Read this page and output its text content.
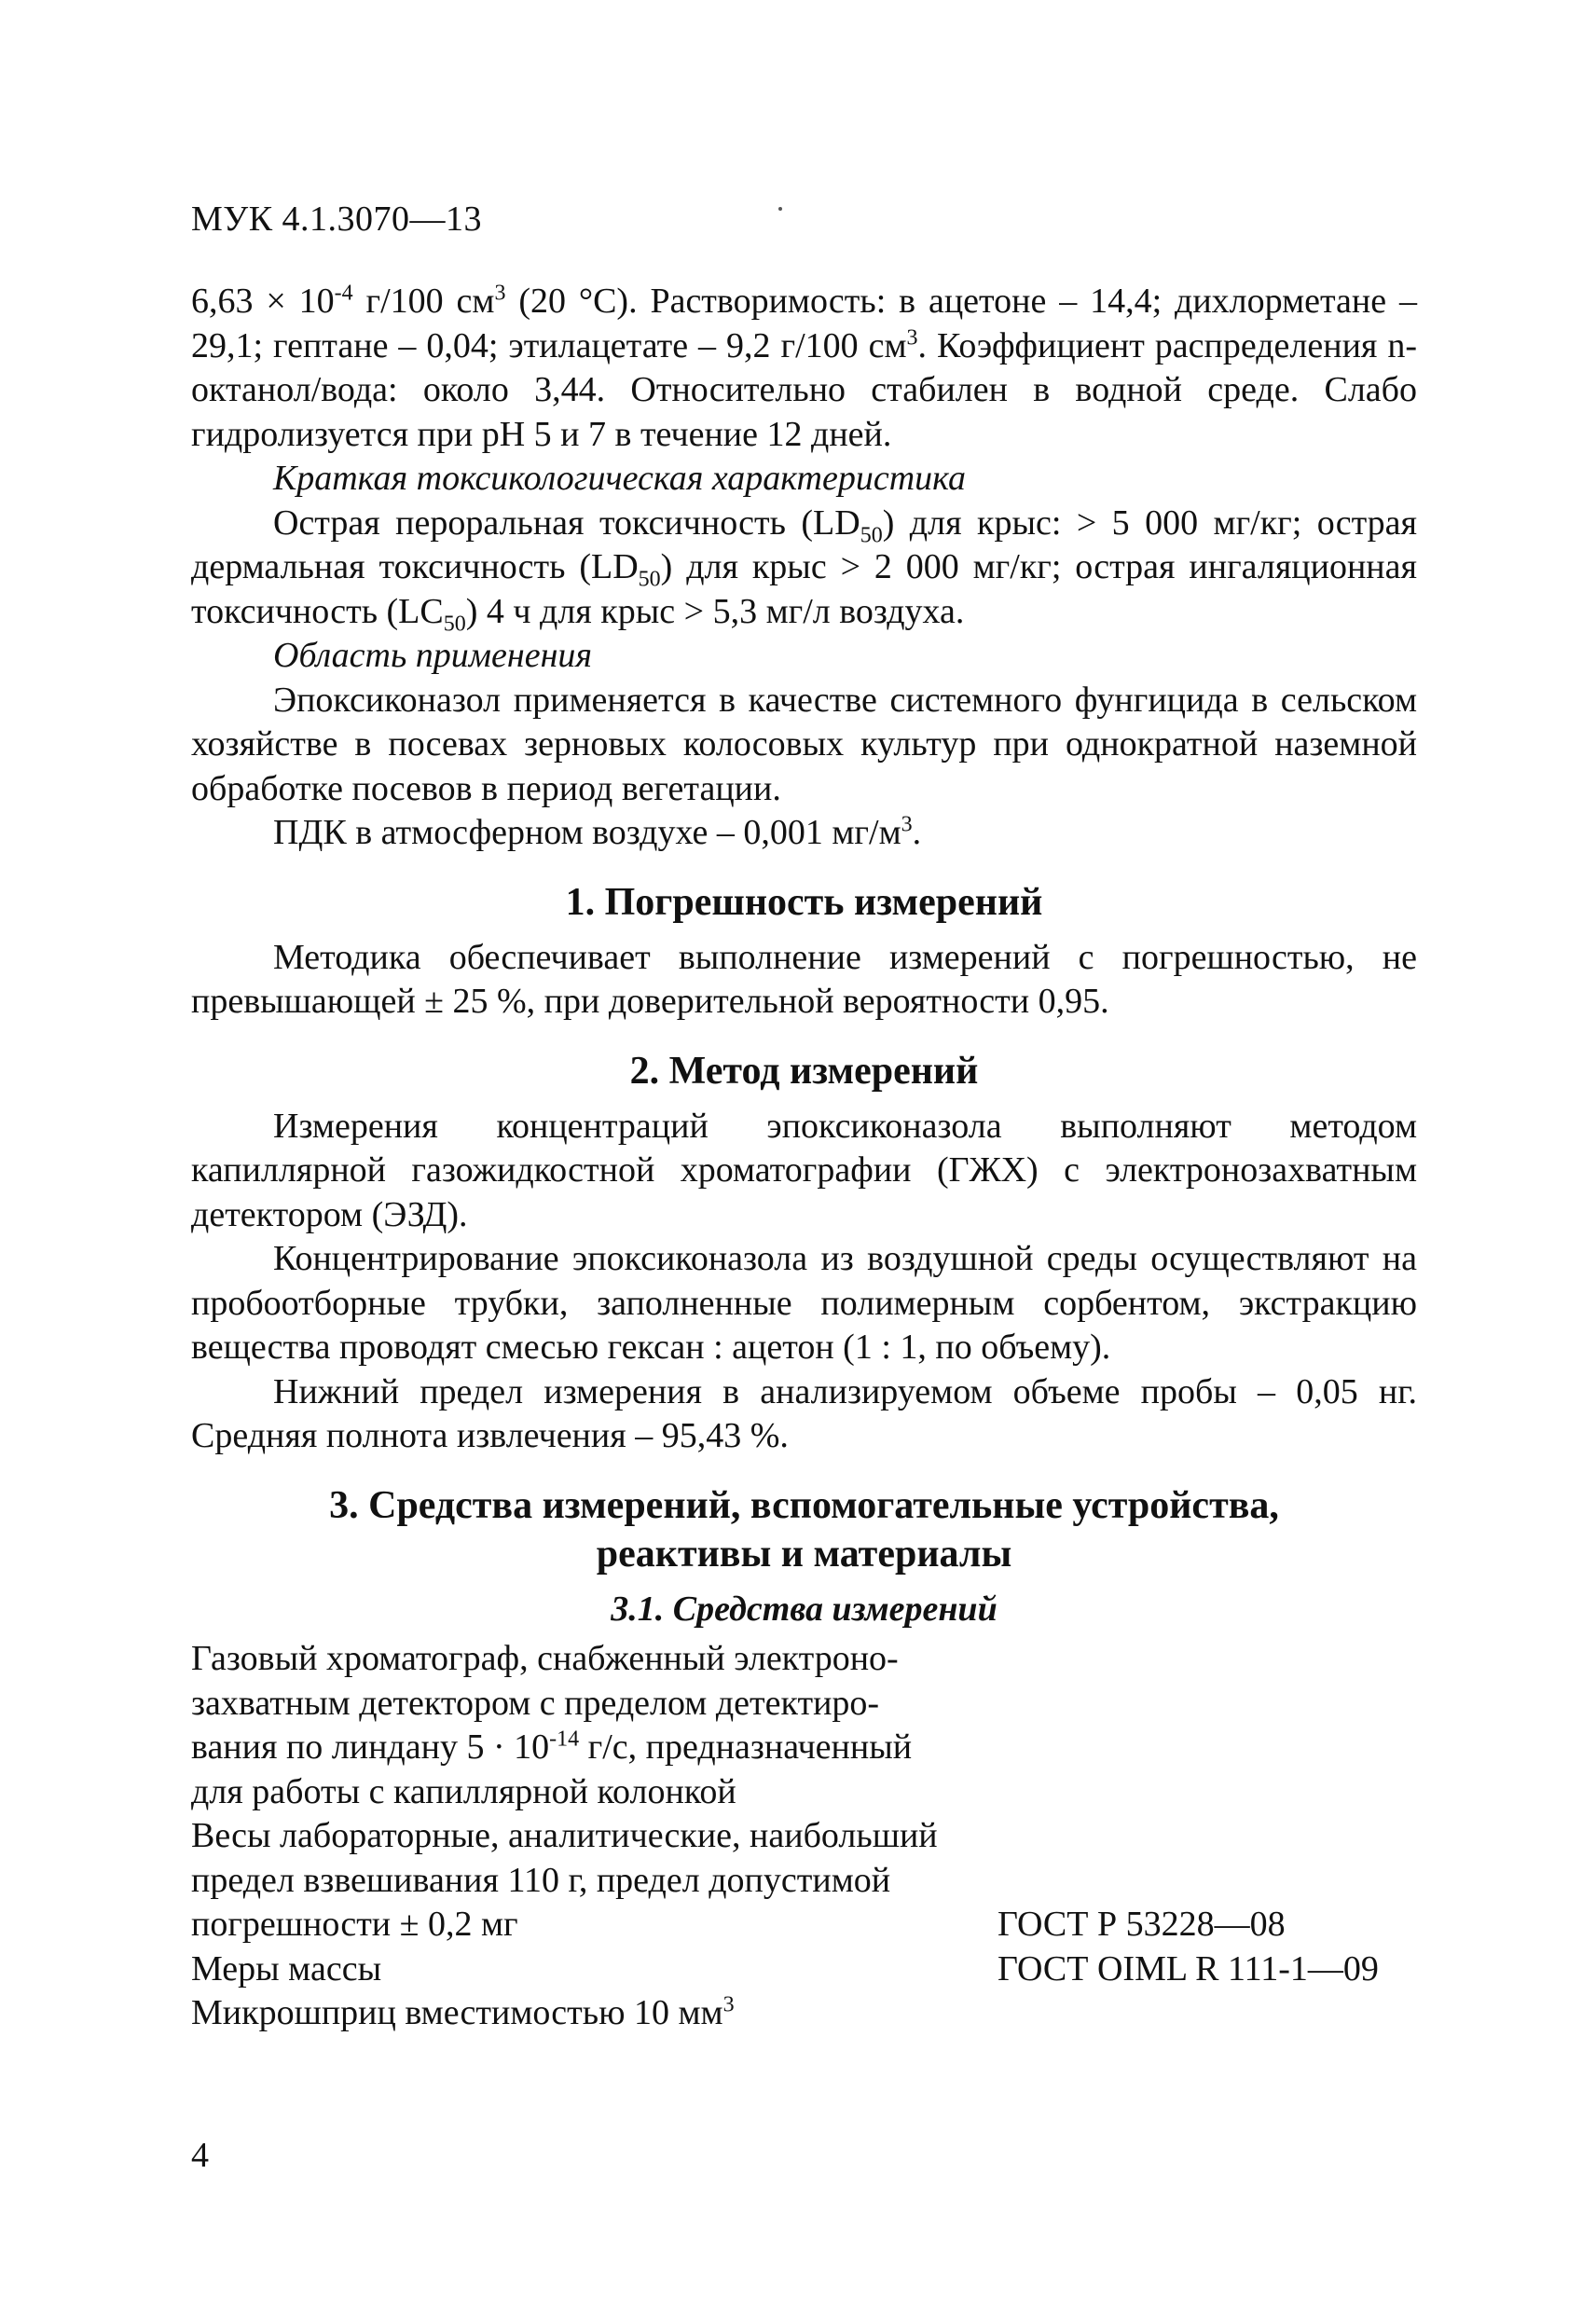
МУК 4.1.3070—13

$6,63 \times 10^{-4}$ г/100 $см^3$ (20 °С). Растворимость: в ацетоне – 14,4; дихлорметане – 29,1; гептане – 0,04; этилацетате – 9,2 г/100 $см^3$. Коэффициент распределения n-октанол/вода: около 3,44. Относительно стабилен в водной среде. Слабо гидролизуется при рН 5 и 7 в течение 12 дней.

Краткая токсикологическая характеристика

Острая пероральная токсичность $(LD_{50})$ для крыс: > 5 000 мг/кг; острая дермальная токсичность $(LD_{50})$ для крыс > 2 000 мг/кг; острая ингаляционная токсичность $(LC_{50})$ 4 ч для крыс > 5,3 мг/л воздуха.

Область применения

Эпоксиконазол применяется в качестве системного фунгицида в сельском хозяйстве в посевах зерновых колосовых культур при однократной наземной обработке посевов в период вегетации.

ПДК в атмосферном воздухе – 0,001 $мг/м^3$.

1. Погрешность измерений

Методика обеспечивает выполнение измерений с погрешностью, не превышающей ± 25 %, при доверительной вероятности 0,95.

2. Метод измерений

Измерения концентраций эпоксиконазола выполняют методом капиллярной газожидкостной хроматографии (ГЖХ) с электронозахватным детектором (ЭЗД).

Концентрирование эпоксиконазола из воздушной среды осуществляют на пробоотборные трубки, заполненные полимерным сорбентом, экстракцию вещества проводят смесью гексан : ацетон (1 : 1, по объему).

Нижний предел измерения в анализируемом объеме пробы – 0,05 нг. Средняя полнота извлечения – 95,43 %.

3. Средства измерений, вспомогательные устройства,
реактивы и материалы
3.1. Средства измерений
Газовый хроматограф, снабженный электроно-
захватным детектором с пределом детектиро-
вания по линдану $5 \cdot 10^{-14}$ г/с, предназначенный
для работы с капиллярной колонкой
Весы лабораторные, аналитические, наибольший
предел взвешивания 110 г, предел допустимой
погрешности ± 0,2 мг	ГОСТ Р 53228—08
Меры массы	ГОСТ OIML R 111-1—09
Микрошприц вместимостью 10 $мм^3$
4
